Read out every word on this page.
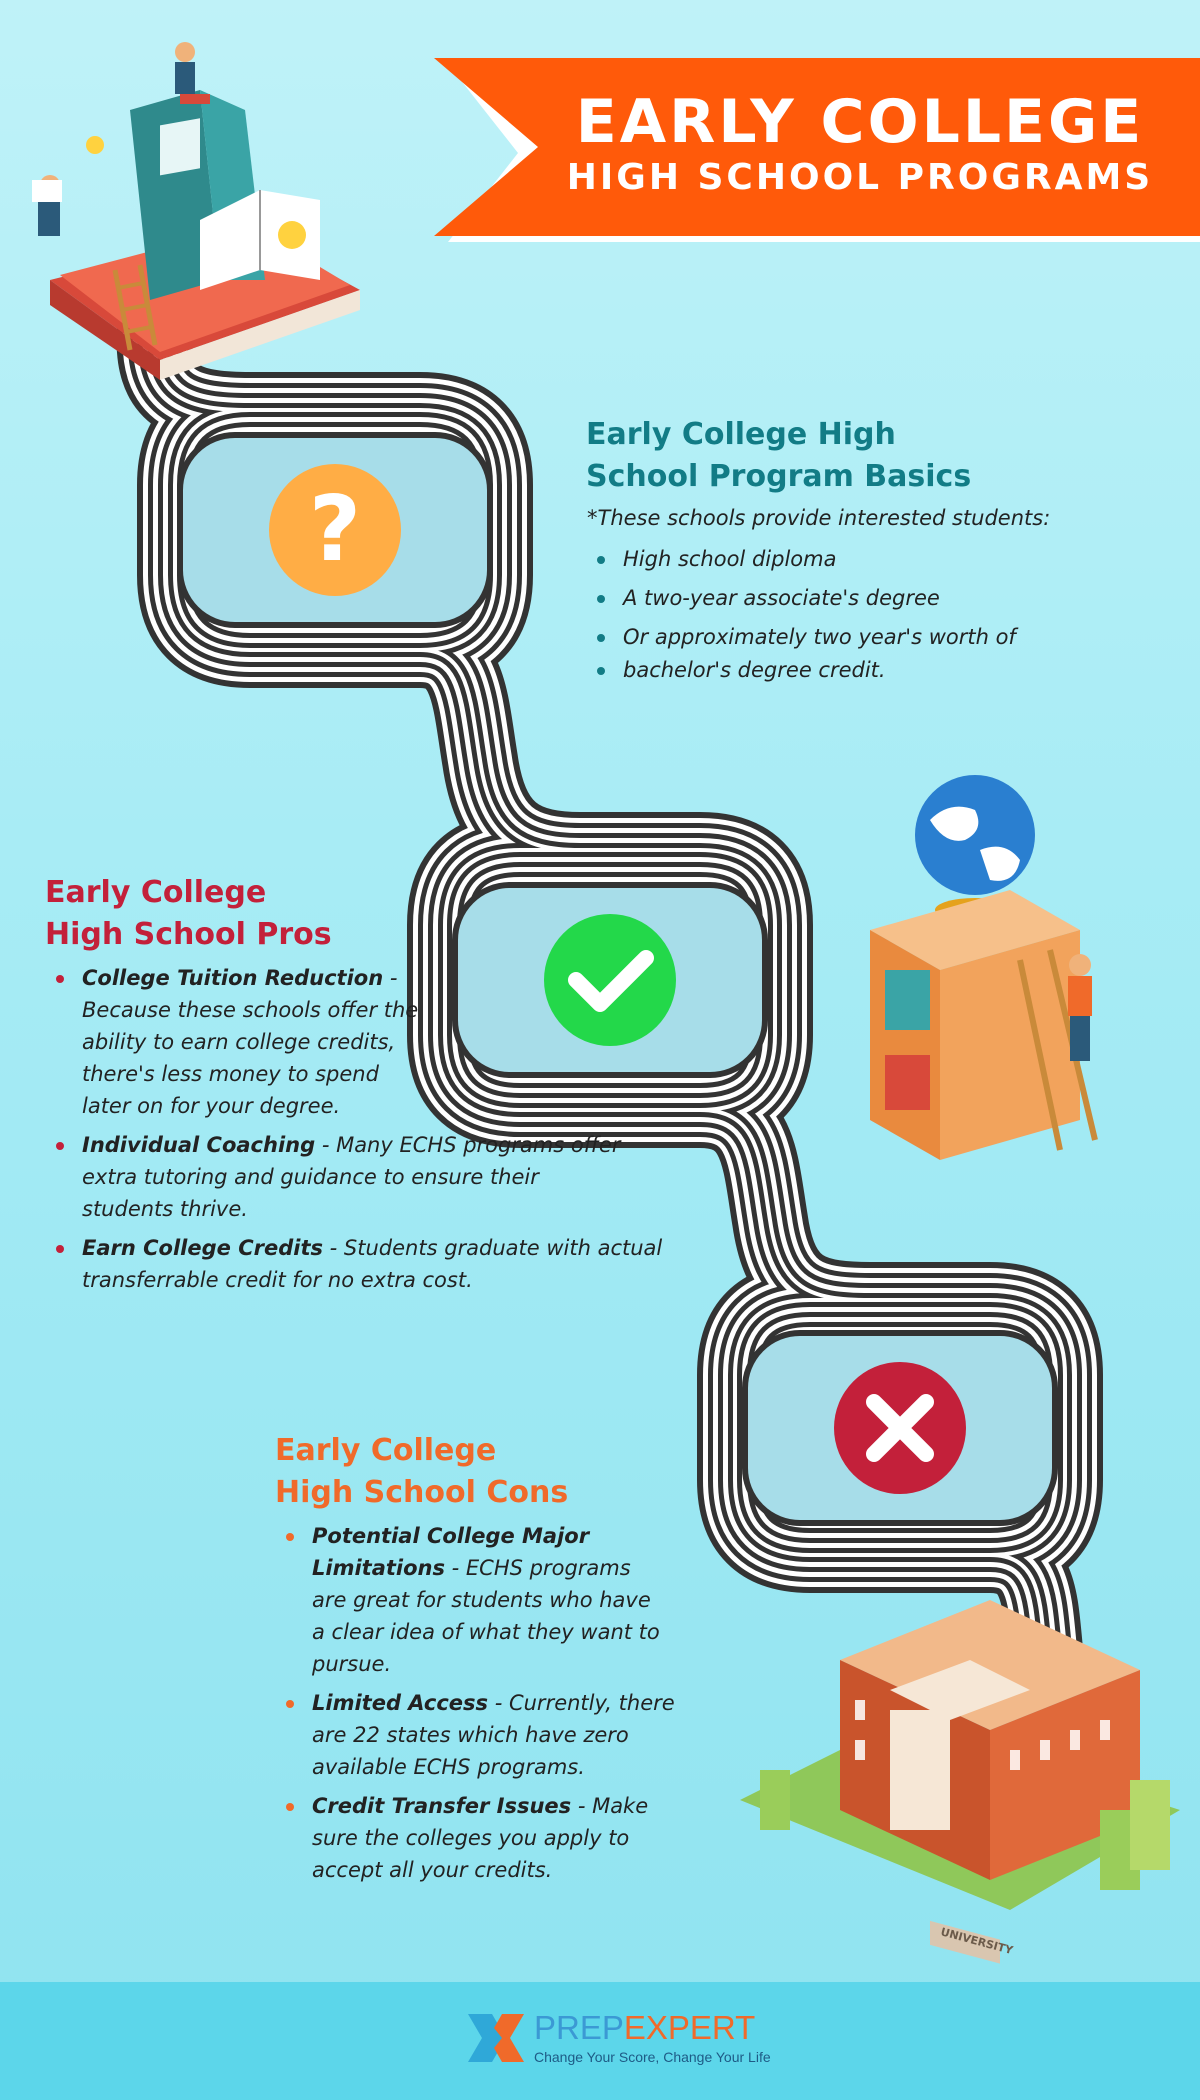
?
EARLY COLLEGE
HIGH SCHOOL PROGRAMS
UNIVERSITY
Early College High
School Program Basics
*These schools provide interested students:
High school diploma
A two-year associate's degree
Or approximately two year's worth of
bachelor's degree credit.
Early College
High School Pros
College Tuition Reduction - Because these schools offer the ability to earn college credits, there's less money to spend later on for your degree.
Individual Coaching - Many ECHS programs offer extra tutoring and guidance to ensure their students thrive.
Earn College Credits - Students graduate with actual transferrable credit for no extra cost.
Early College
High School Cons
Potential College Major Limitations - ECHS programs are great for students who have a clear idea of what they want to pursue.
Limited Access - Currently, there are 22 states which have zero available ECHS programs.
Credit Transfer Issues - Make sure the colleges you apply to accept all your credits.
PREPEXPERT
Change Your Score, Change Your Life
